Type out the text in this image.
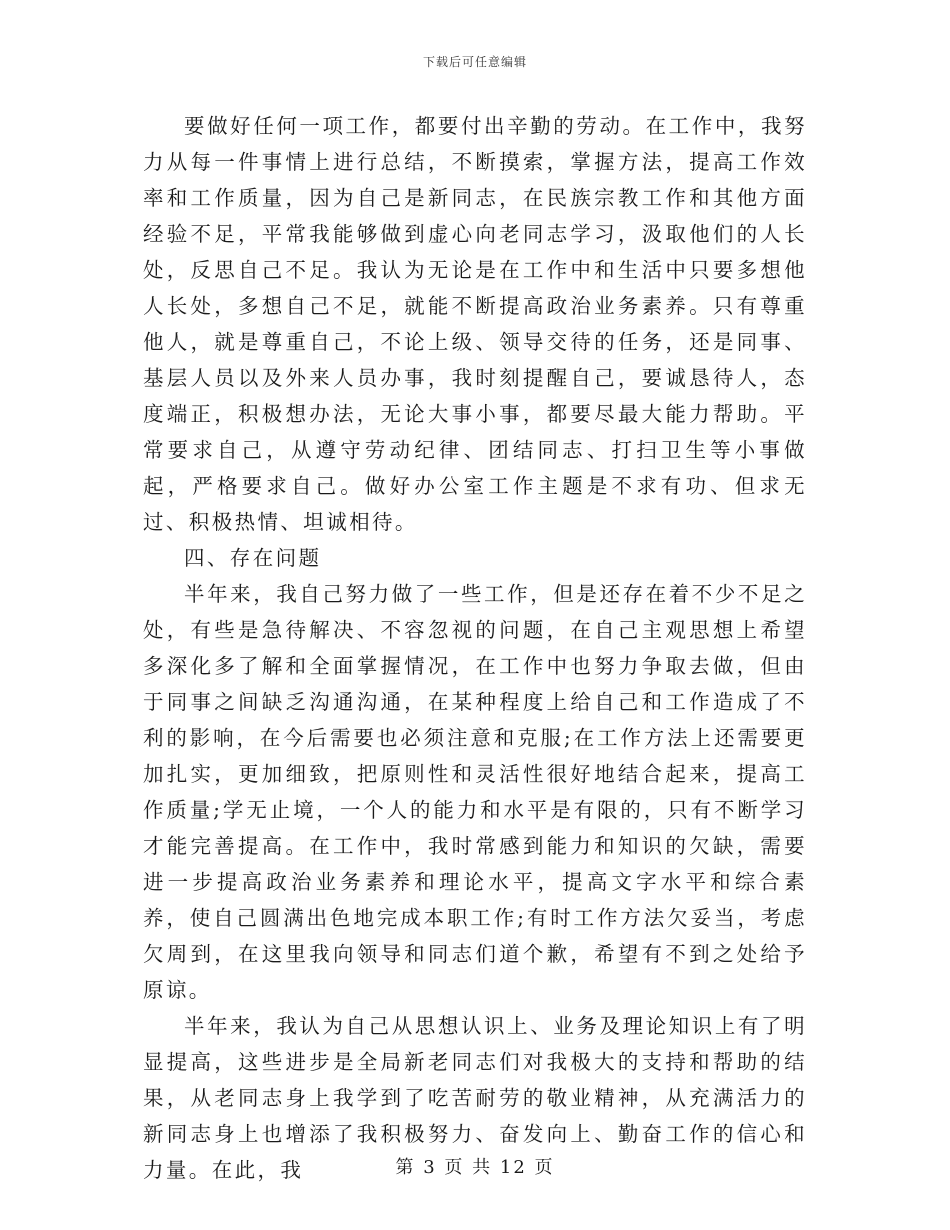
下载后可任意编辑

要做好任何一项工作，都要付出辛勤的劳动。在工作中，我努力从每一件事情上进行总结，不断摸索，掌握方法，提高工作效率和工作质量，因为自己是新同志，在民族宗教工作和其他方面经验不足，平常我能够做到虚心向老同志学习，汲取他们的人长处，反思自己不足。我认为无论是在工作中和生活中只要多想他人长处，多想自己不足，就能不断提高政治业务素养。只有尊重他人，就是尊重自己，不论上级、领导交待的任务，还是同事、基层人员以及外来人员办事，我时刻提醒自己，要诚恳待人，态度端正，积极想办法，无论大事小事，都要尽最大能力帮助。平常要求自己，从遵守劳动纪律、团结同志、打扫卫生等小事做起，严格要求自己。做好办公室工作主题是不求有功、但求无过、积极热情、坦诚相待。

四、存在问题

半年来，我自己努力做了一些工作，但是还存在着不少不足之处，有些是急待解决、不容忽视的问题，在自己主观思想上希望多深化多了解和全面掌握情况，在工作中也努力争取去做，但由于同事之间缺乏沟通沟通，在某种程度上给自己和工作造成了不利的影响，在今后需要也必须注意和克服;在工作方法上还需要更加扎实，更加细致，把原则性和灵活性很好地结合起来，提高工作质量;学无止境，一个人的能力和水平是有限的，只有不断学习才能完善提高。在工作中，我时常感到能力和知识的欠缺，需要进一步提高政治业务素养和理论水平，提高文字水平和综合素养，使自己圆满出色地完成本职工作;有时工作方法欠妥当，考虑欠周到，在这里我向领导和同志们道个歉，希望有不到之处给予原谅。

半年来，我认为自己从思想认识上、业务及理论知识上有了明显提高，这些进步是全局新老同志们对我极大的支持和帮助的结果，从老同志身上我学到了吃苦耐劳的敬业精神，从充满活力的新同志身上也增添了我积极努力、奋发向上、勤奋工作的信心和力量。在此，我	第 3 页 共 12 页
